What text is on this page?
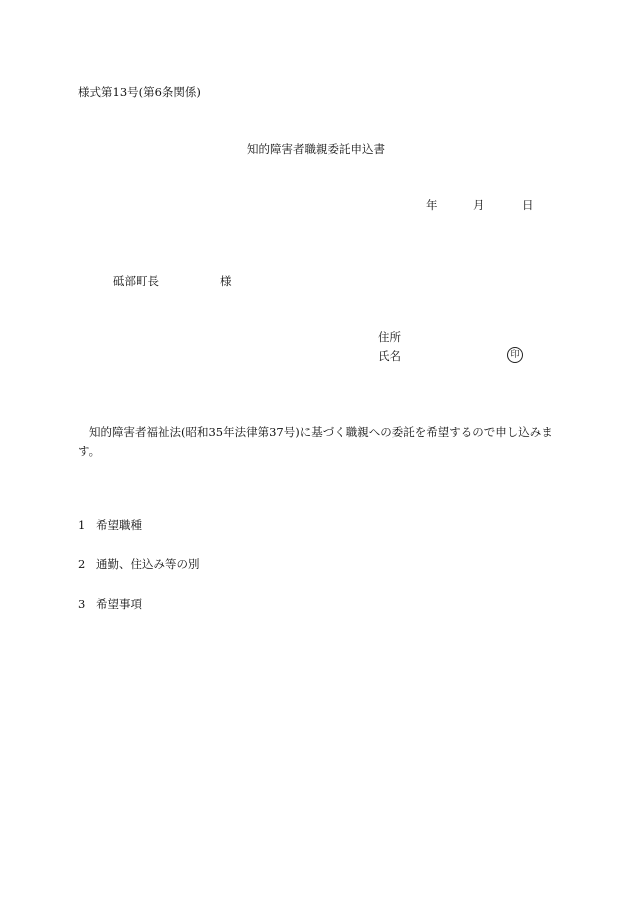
様式第13号(第6条関係)
知的障害者職親委託申込書
年	月	日
砥部町長	様
住所
氏名	印
知的障害者福祉法(昭和35年法律第37号)に基づく職親への委託を希望するので申し込みます。
1 希望職種
2 通勤、住込み等の別
3 希望事項
